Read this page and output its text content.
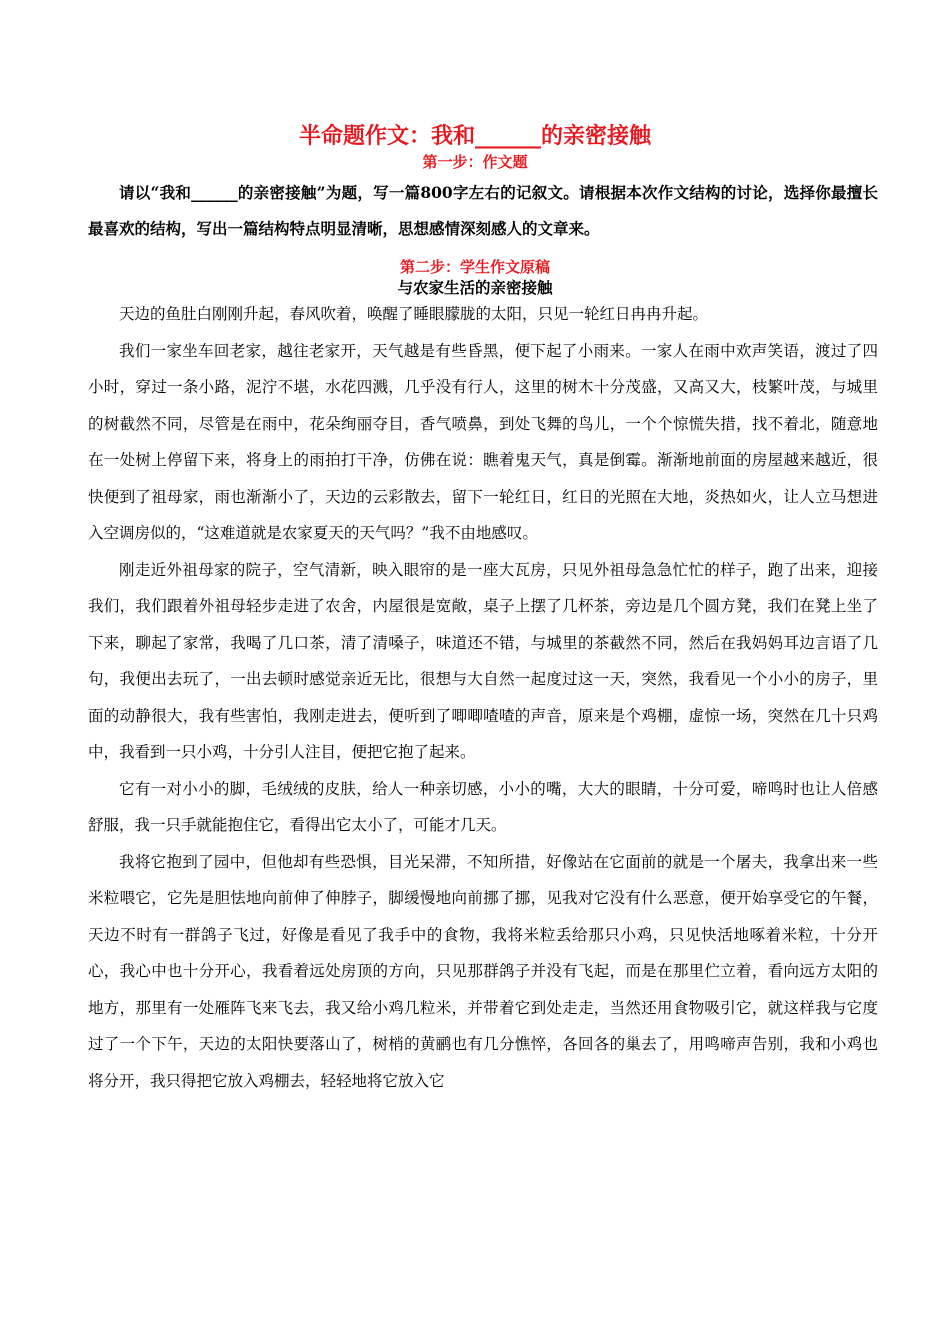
半命题作文：我和______的亲密接触
第一步：作文题

请以“我和______的亲密接触”为题，写一篇800字左右的记叙文。请根据本次作文结构的讨论，选择你最擅长最喜欢的结构，写出一篇结构特点明显清晰，思想感情深刻感人的文章来。

第二步：学生作文原稿
与农家生活的亲密接触

天边的鱼肚白刚刚升起，春风吹着，唤醒了睡眼朦胧的太阳，只见一轮红日冉冉升起。

我们一家坐车回老家，越往老家开，天气越是有些昏黑，便下起了小雨来。一家人在雨中欢声笑语，渡过了四小时，穿过一条小路，泥泞不堪，水花四溅，几乎没有行人，这里的树木十分茂盛，又高又大，枝繁叶茂，与城里的树截然不同，尽管是在雨中，花朵绚丽夺目，香气喷鼻，到处飞舞的鸟儿，一个个惊慌失措，找不着北，随意地在一处树上停留下来，将身上的雨拍打干净，仿佛在说：瞧着鬼天气，真是倒霉。渐渐地前面的房屋越来越近，很快便到了祖母家，雨也渐渐小了，天边的云彩散去，留下一轮红日，红日的光照在大地，炎热如火，让人立马想进入空调房似的，“这难道就是农家夏天的天气吗？”我不由地感叹。

刚走近外祖母家的院子，空气清新，映入眼帘的是一座大瓦房，只见外祖母急急忙忙的样子，跑了出来，迎接我们，我们跟着外祖母轻步走进了农舍，内屋很是宽敞，桌子上摆了几杯茶，旁边是几个圆方凳，我们在凳上坐了下来，聊起了家常，我喝了几口茶，清了清嗓子，味道还不错，与城里的茶截然不同，然后在我妈妈耳边言语了几句，我便出去玩了，一出去顿时感觉亲近无比，很想与大自然一起度过这一天，突然，我看见一个小小的房子，里面的动静很大，我有些害怕，我刚走进去，便听到了唧唧喳喳的声音，原来是个鸡棚，虚惊一场，突然在几十只鸡中，我看到一只小鸡，十分引人注目，便把它抱了起来。

它有一对小小的脚，毛绒绒的皮肤，给人一种亲切感，小小的嘴，大大的眼睛，十分可爱，啼鸣时也让人倍感舒服，我一只手就能抱住它，看得出它太小了，可能才几天。

我将它抱到了园中，但他却有些恐惧，目光呆滞，不知所措，好像站在它面前的就是一个屠夫，我拿出来一些米粒喂它，它先是胆怯地向前伸了伸脖子，脚缓慢地向前挪了挪，见我对它没有什么恶意，便开始享受它的午餐，天边不时有一群鸽子飞过，好像是看见了我手中的食物，我将米粒丢给那只小鸡，只见快活地啄着米粒，十分开心，我心中也十分开心，我看着远处房顶的方向，只见那群鸽子并没有飞起，而是在那里伫立着，看向远方太阳的地方，那里有一处雁阵飞来飞去，我又给小鸡几粒米，并带着它到处走走，当然还用食物吸引它，就这样我与它度过了一个下午，天边的太阳快要落山了，树梢的黄鹂也有几分憔悴，各回各的巢去了，用鸣啼声告别，我和小鸡也将分开，我只得把它放入鸡棚去，轻轻地将它放入它
